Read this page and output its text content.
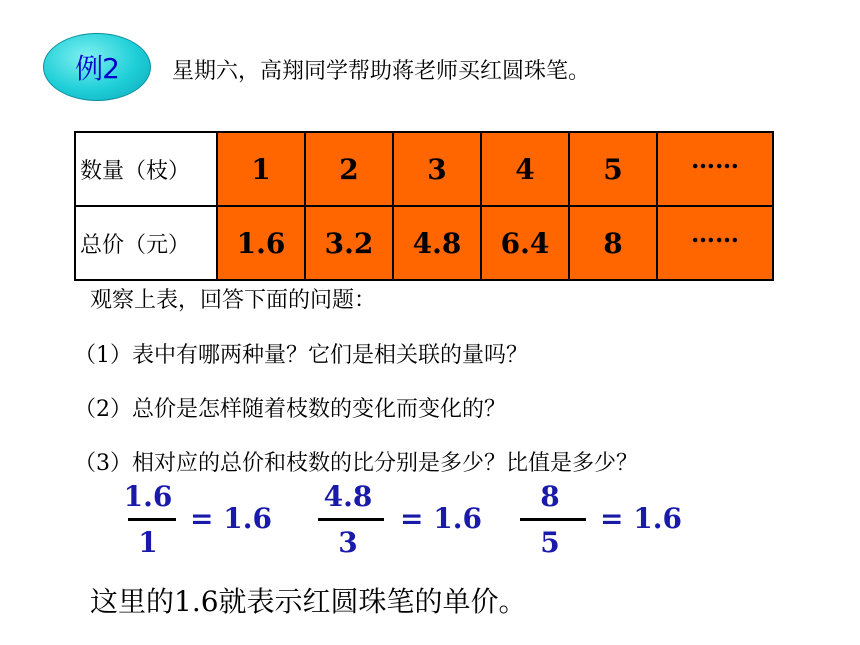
例2 星期六，高翔同学帮助蒋老师买红圆珠笔。
数量（枝）	1	2	3	4	5	……
总价（元）	1.6	3.2	4.8	6.4	8	……
观察上表，回答下面的问题：
（1）表中有哪两种量？它们是相关联的量吗？
（2）总价是怎样随着枝数的变化而变化的？
（3）相对应的总价和枝数的比分别是多少？比值是多少？
1.6
1
= 1.6
4.8
3
= 1.6
8
5
= 1.6
这里的1.6就表示红圆珠笔的单价。
